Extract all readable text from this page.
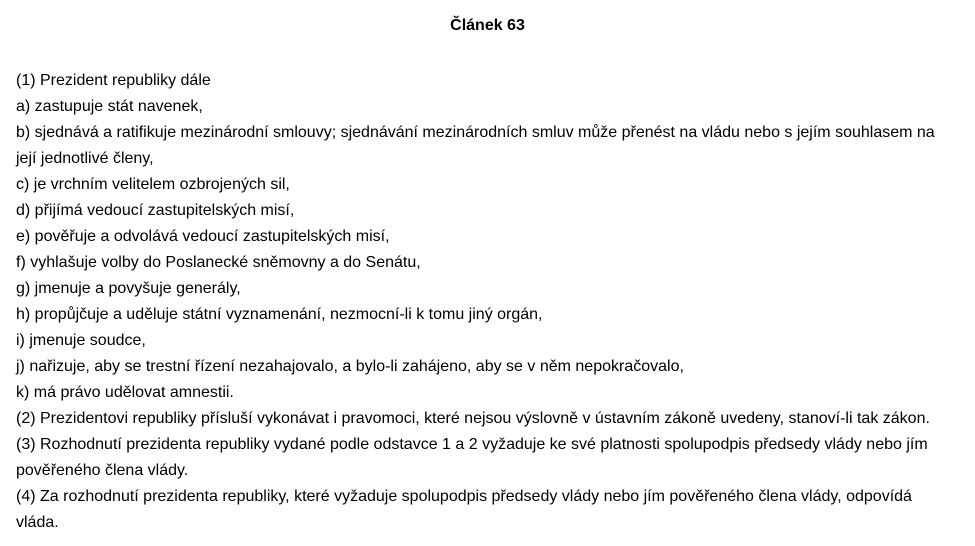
Článek 63

(1) Prezident republiky dále

a) zastupuje stát navenek,

b) sjednává a ratifikuje mezinárodní smlouvy; sjednávání mezinárodních smluv může přenést na vládu nebo s jejím souhlasem na její jednotlivé členy,

c) je vrchním velitelem ozbrojených sil,

d) přijímá vedoucí zastupitelských misí,

e) pověřuje a odvolává vedoucí zastupitelských misí,

f) vyhlašuje volby do Poslanecké sněmovny a do Senátu,

g) jmenuje a povyšuje generály,

h) propůjčuje a uděluje státní vyznamenání, nezmocní-li k tomu jiný orgán,

i) jmenuje soudce,

j) nařizuje, aby se trestní řízení nezahajovalo, a bylo-li zahájeno, aby se v něm nepokračovalo,

k) má právo udělovat amnestii.

(2) Prezidentovi republiky přísluší vykonávat i pravomoci, které nejsou výslovně v ústavním zákoně uvedeny, stanoví-li tak zákon.

(3) Rozhodnutí prezidenta republiky vydané podle odstavce 1 a 2 vyžaduje ke své platnosti spolupodpis předsedy vlády nebo jím pověřeného člena vlády.

(4) Za rozhodnutí prezidenta republiky, které vyžaduje spolupodpis předsedy vlády nebo jím pověřeného člena vlády, odpovídá vláda.
